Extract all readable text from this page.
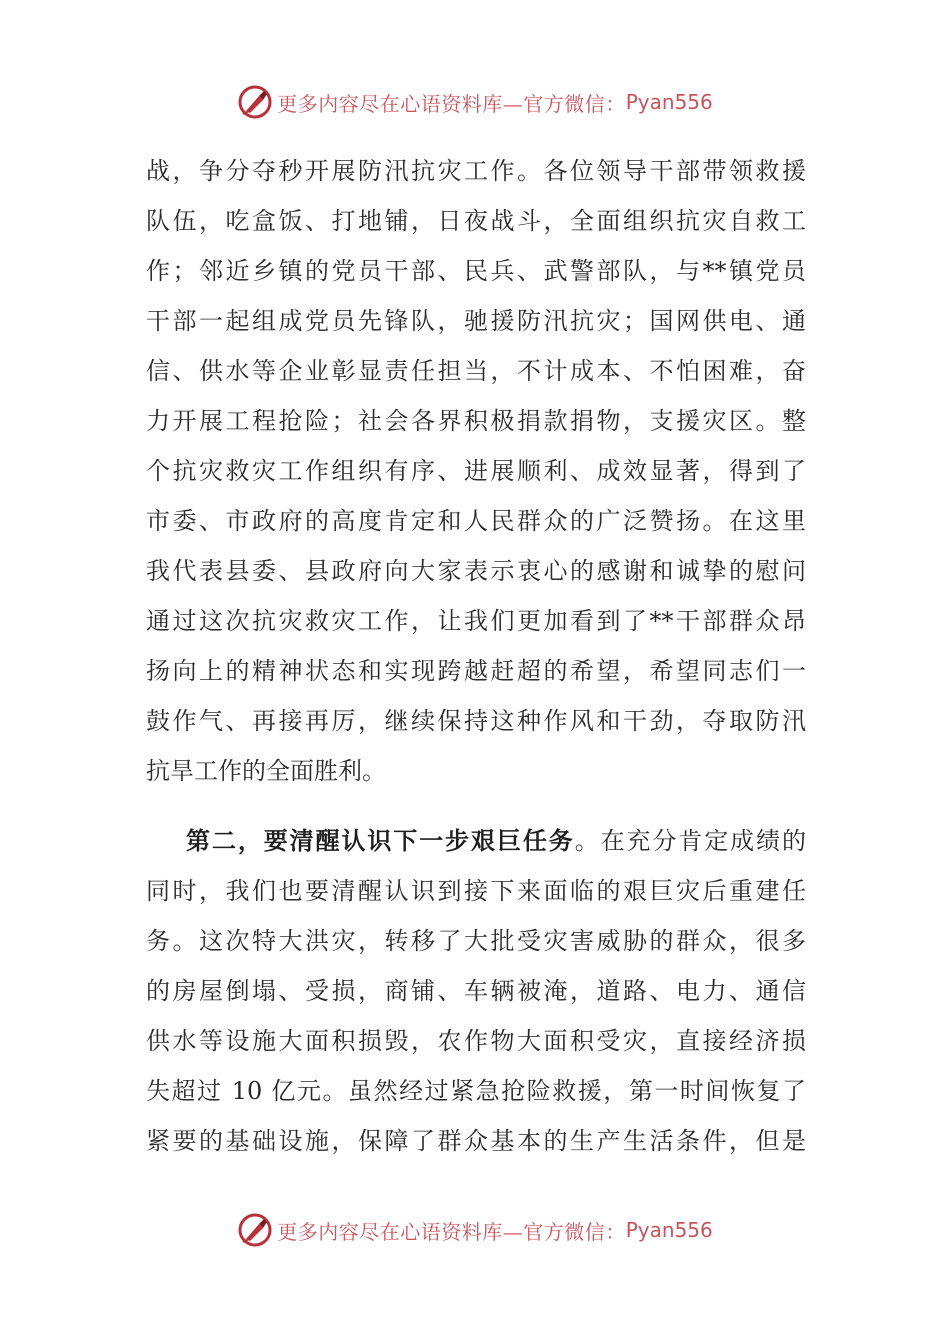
更多内容尽在心语资料库—官方微信： Pyan556
战，争分夺秒开展防汛抗灾工作。各位领导干部带领救援
队伍，吃盒饭、打地铺，日夜战斗，全面组织抗灾自救工
作；邻近乡镇的党员干部、民兵、武警部队，与**镇党员
干部一起组成党员先锋队，驰援防汛抗灾；国网供电、通
信、供水等企业彰显责任担当，不计成本、不怕困难，奋
力开展工程抢险；社会各界积极捐款捐物，支援灾区。整
个抗灾救灾工作组织有序、进展顺利、成效显著，得到了
市委、市政府的高度肯定和人民群众的广泛赞扬。在这里
我代表县委、县政府向大家表示衷心的感谢和诚挚的慰问
通过这次抗灾救灾工作，让我们更加看到了**干部群众昂
扬向上的精神状态和实现跨越赶超的希望，希望同志们一
鼓作气、再接再厉，继续保持这种作风和干劲，夺取防汛
抗旱工作的全面胜利。
第二，要清醒认识下一步艰巨任务。在充分肯定成绩的
同时，我们也要清醒认识到接下来面临的艰巨灾后重建任
务。这次特大洪灾，转移了大批受灾害威胁的群众，很多
的房屋倒塌、受损，商铺、车辆被淹，道路、电力、通信
供水等设施大面积损毁，农作物大面积受灾，直接经济损
失超过 10 亿元。虽然经过紧急抢险救援，第一时间恢复了
紧要的基础设施，保障了群众基本的生产生活条件，但是
更多内容尽在心语资料库—官方微信： Pyan556
